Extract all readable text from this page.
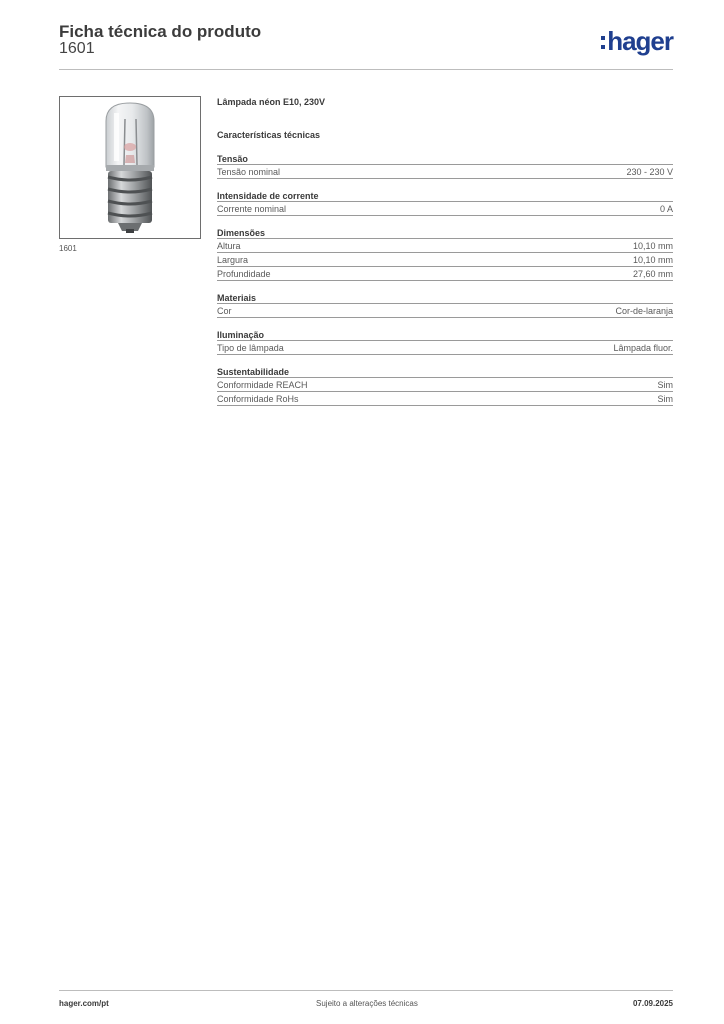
Ficha técnica do produto
1601	hager
1601
Lâmpada néon E10, 230V
Características técnicas
Tensão
Tensão nominal	230 - 230 V
Intensidade de corrente
Corrente nominal	0 A
Dimensões
Altura	10,10 mm
Largura	10,10 mm
Profundidade	27,60 mm
Materiais
Cor	Cor-de-laranja
Iluminação
Tipo de lâmpada	Lâmpada fluor.
Sustentabilidade
Conformidade REACH	Sim
Conformidade RoHs	Sim
hager.com/pt	Sujeito a alterações técnicas	07.09.2025
